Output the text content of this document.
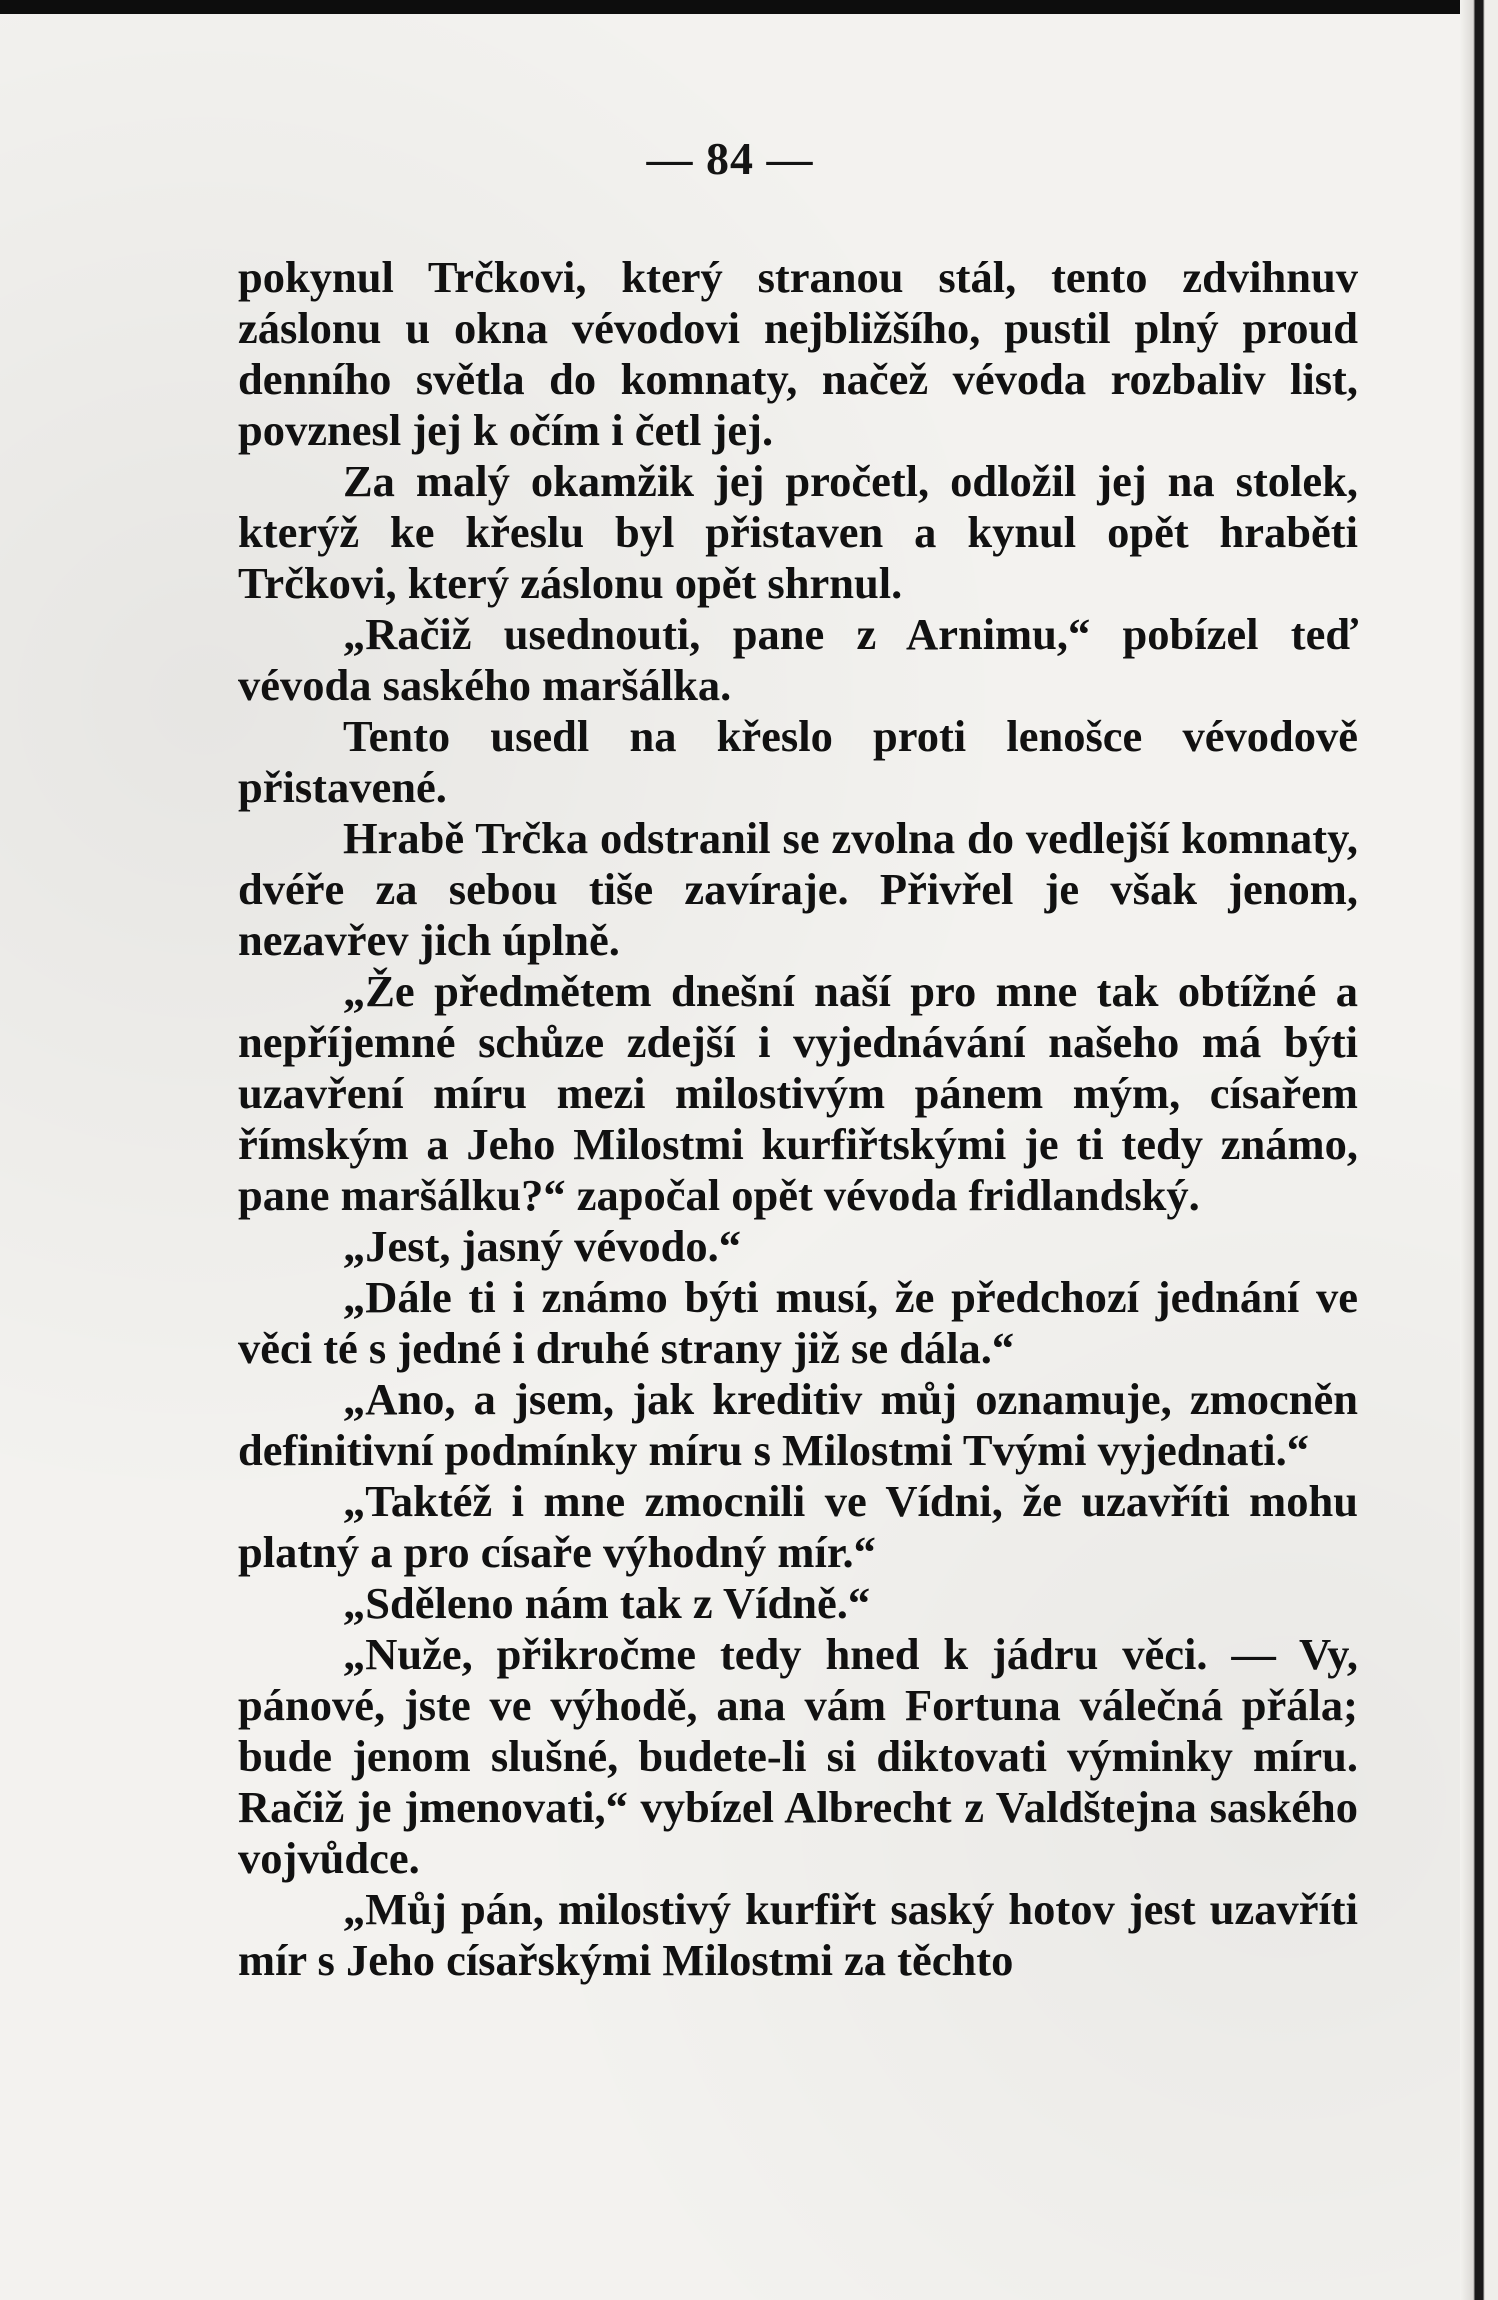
— 84 —

pokynul Trčkovi, který stranou stál, tento zdvihnuv záslonu u okna vévodovi nejbližšího, pustil plný proud denního světla do komnaty, načež vévoda rozbaliv list, povznesl jej k očím i četl jej.

Za malý okamžik jej pročetl, odložil jej na stolek, kterýž ke křeslu byl přistaven a kynul opět hraběti Trčkovi, který záslonu opět shrnul.

„Račiž usednouti, pane z Arnimu,“ pobízel teď vévoda saského maršálka.

Tento usedl na křeslo proti lenošce vévodově přistavené.

Hrabě Trčka odstranil se zvolna do vedlejší komnaty, dvéře za sebou tiše zavíraje. Přivřel je však jenom, nezavřev jich úplně.

„Že předmětem dnešní naší pro mne tak obtížné a nepříjemné schůze zdejší i vyjednávání našeho má býti uzavření míru mezi milostivým pánem mým, císařem římským a Jeho Milostmi kurfiřtskými je ti tedy známo, pane maršálku?“ započal opět vévoda fridlandský.

„Jest, jasný vévodo.“

„Dále ti i známo býti musí, že předchozí jednání ve věci té s jedné i druhé strany již se dála.“

„Ano, a jsem, jak kreditiv můj oznamuje, zmocněn definitivní podmínky míru s Milostmi Tvými vyjednati.“

„Taktéž i mne zmocnili ve Vídni, že uzavříti mohu platný a pro císaře výhodný mír.“

„Sděleno nám tak z Vídně.“

„Nuže, přikročme tedy hned k jádru věci. — Vy, pánové, jste ve výhodě, ana vám Fortuna válečná přála; bude jenom slušné, budete-li si diktovati výminky míru. Račiž je jmenovati,“ vybízel Albrecht z Valdštejna saského vojvůdce.

„Můj pán, milostivý kurfiřt saský hotov jest uzavříti mír s Jeho císařskými Milostmi za těchto
